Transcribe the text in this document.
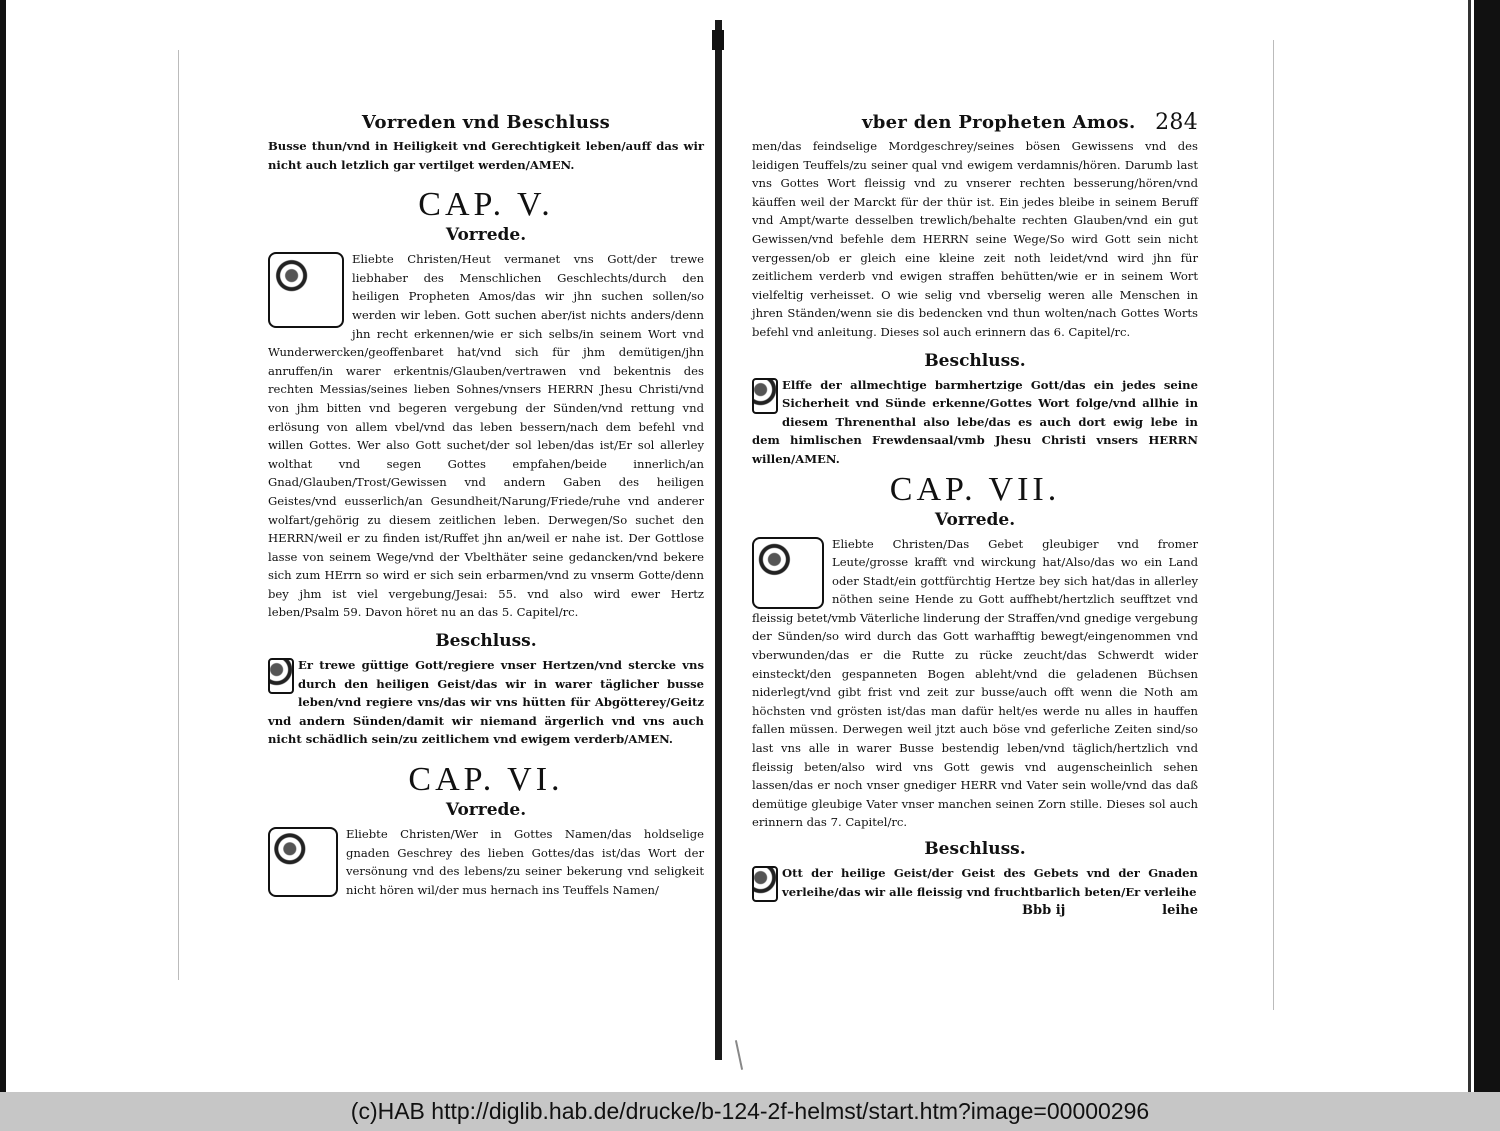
Vorreden vnd Beschluss

Busse thun/vnd in Heiligkeit vnd Gerechtigkeit leben/auff das wir nicht auch letzlich gar vertilget werden/AMEN.

CAP. V.
Vorrede.

Eliebte Christen/Heut vermanet vns Gott/der trewe liebhaber des Menschlichen Geschlechts/durch den heiligen Propheten Amos/das wir jhn suchen sollen/so werden wir leben. Gott suchen aber/ist nichts anders/denn jhn recht erkennen/wie er sich selbs/in seinem Wort vnd Wunderwercken/geoffenbaret hat/vnd sich für jhm demütigen/jhn anruffen/in warer erkentnis/Glauben/vertrawen vnd bekentnis des rechten Messias/seines lieben Sohnes/vnsers HERRN Jhesu Christi/vnd von jhm bitten vnd begeren vergebung der Sünden/vnd rettung vnd erlösung von allem vbel/vnd das leben bessern/nach dem befehl vnd willen Gottes. Wer also Gott suchet/der sol leben/das ist/Er sol allerley wolthat vnd segen Gottes empfahen/beide innerlich/an Gnad/Glauben/Trost/Gewissen vnd andern Gaben des heiligen Geistes/vnd eusserlich/an Gesundheit/Narung/Friede/ruhe vnd anderer wolfart/gehörig zu diesem zeitlichen leben. Derwegen/So suchet den HERRN/weil er zu finden ist/Ruffet jhn an/weil er nahe ist. Der Gottlose lasse von seinem Wege/vnd der Vbelthäter seine gedancken/vnd bekere sich zum HErrn so wird er sich sein erbarmen/vnd zu vnserm Gotte/denn bey jhm ist viel vergebung/Jesai: 55. vnd also wird ewer Hertz leben/Psalm 59. Davon höret nu an das 5. Capitel/rc.

Beschluss.

Er trewe güttige Gott/regiere vnser Hertzen/vnd stercke vns durch den heiligen Geist/das wir in warer täglicher busse leben/vnd regiere vns/das wir vns hütten für Abgötterey/Geitz vnd andern Sünden/damit wir niemand ärgerlich vnd vns auch nicht schädlich sein/zu zeitlichem vnd ewigem verderb/AMEN.

CAP. VI.
Vorrede.

Eliebte Christen/Wer in Gottes Namen/das holdselige gnaden Geschrey des lieben Gottes/das ist/das Wort der versönung vnd des lebens/zu seiner bekerung vnd seligkeit nicht hören wil/der mus hernach ins Teuffels Namen/

vber den Propheten Amos. 284

men/das feindselige Mordgeschrey/seines bösen Gewissens vnd des leidigen Teuffels/zu seiner qual vnd ewigem verdamnis/hören. Darumb last vns Gottes Wort fleissig vnd zu vnserer rechten besserung/hören/vnd käuffen weil der Marckt für der thür ist. Ein jedes bleibe in seinem Beruff vnd Ampt/warte desselben trewlich/behalte rechten Glauben/vnd ein gut Gewissen/vnd befehle dem HERRN seine Wege/So wird Gott sein nicht vergessen/ob er gleich eine kleine zeit noth leidet/vnd wird jhn für zeitlichem verderb vnd ewigen straffen behütten/wie er in seinem Wort vielfeltig verheisset. O wie selig vnd vberselig weren alle Menschen in jhren Ständen/wenn sie dis bedencken vnd thun wolten/nach Gottes Worts befehl vnd anleitung. Dieses sol auch erinnern das 6. Capitel/rc.

Beschluss.

Elffe der allmechtige barmhertzige Gott/das ein jedes seine Sicherheit vnd Sünde erkenne/Gottes Wort folge/vnd allhie in diesem Threnenthal also lebe/das es auch dort ewig lebe in dem himlischen Frewdensaal/vmb Jhesu Christi vnsers HERRN willen/AMEN.

CAP. VII.
Vorrede.

Eliebte Christen/Das Gebet gleubiger vnd fromer Leute/grosse krafft vnd wirckung hat/Also/das wo ein Land oder Stadt/ein gottfürchtig Hertze bey sich hat/das in allerley nöthen seine Hende zu Gott auffhebt/hertzlich seufftzet vnd fleissig betet/vmb Väterliche linderung der Straffen/vnd gnedige vergebung der Sünden/so wird durch das Gott warhafftig bewegt/eingenommen vnd vberwunden/das er die Rutte zu rücke zeucht/das Schwerdt wider einsteckt/den gespanneten Bogen ableht/vnd die geladenen Büchsen niderlegt/vnd gibt frist vnd zeit zur busse/auch offt wenn die Noth am höchsten vnd grösten ist/das man dafür helt/es werde nu alles in hauffen fallen müssen. Derwegen weil jtzt auch böse vnd geferliche Zeiten sind/so last vns alle in warer Busse bestendig leben/vnd täglich/hertzlich vnd fleissig beten/also wird vns Gott gewis vnd augenscheinlich sehen lassen/das er noch vnser gnediger HERR vnd Vater sein wolle/vnd das daß demütige gleubige Vater vnser manchen seinen Zorn stille. Dieses sol auch erinnern das 7. Capitel/rc.

Beschluss.

Ott der heilige Geist/der Geist des Gebets vnd der Gnaden verleihe/das wir alle fleissig vnd fruchtbarlich beten/Er verleihe

Bbb ij	leihe
(c)HAB http://diglib.hab.de/drucke/b-124-2f-helmst/start.htm?image=00000296
